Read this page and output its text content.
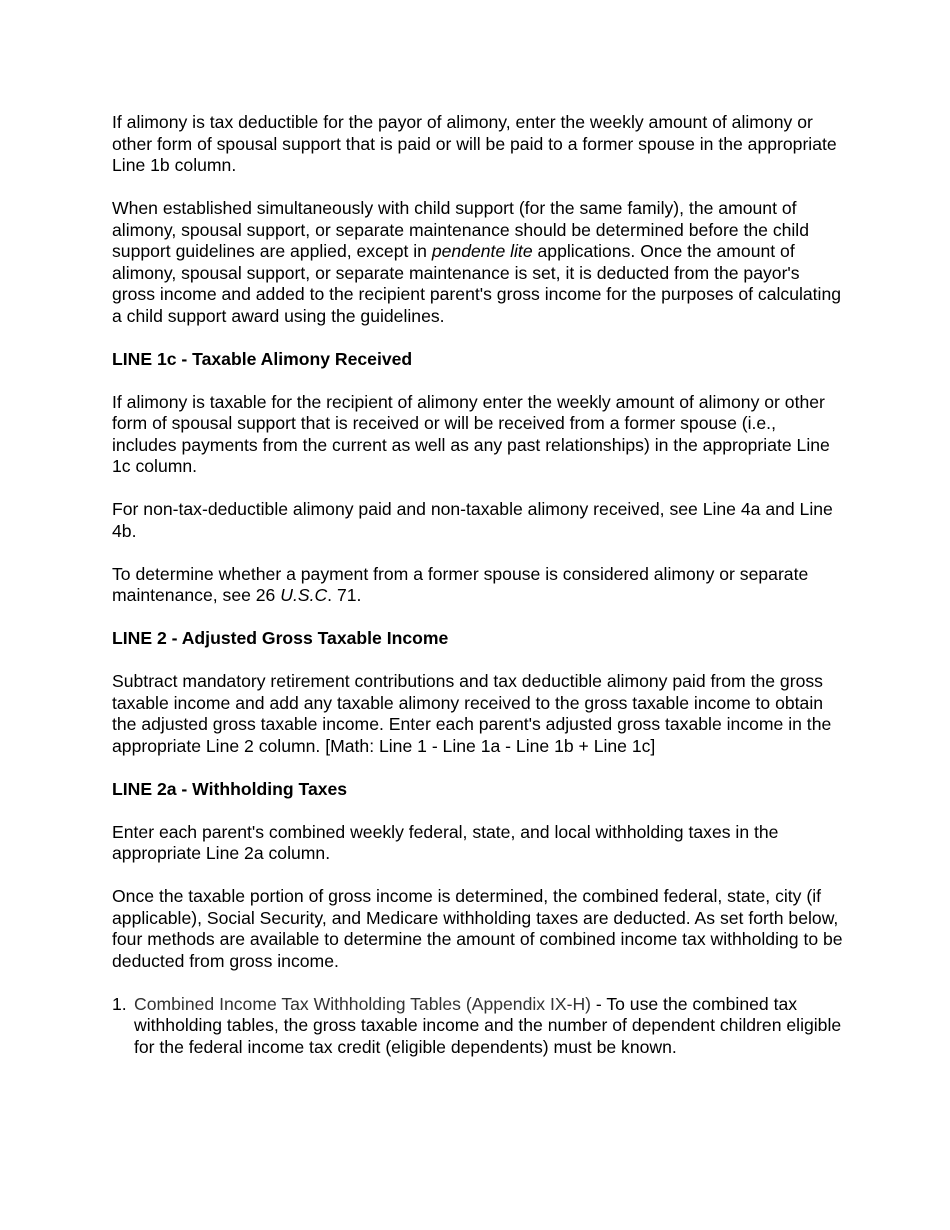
If alimony is tax deductible for the payor of alimony, enter the weekly amount of alimony or other form of spousal support that is paid or will be paid to a former spouse in the appropriate Line 1b column.

When established simultaneously with child support (for the same family), the amount of alimony, spousal support, or separate maintenance should be determined before the child support guidelines are applied, except in pendente lite applications. Once the amount of alimony, spousal support, or separate maintenance is set, it is deducted from the payor's gross income and added to the recipient parent's gross income for the purposes of calculating a child support award using the guidelines.

LINE 1c - Taxable Alimony Received

If alimony is taxable for the recipient of alimony enter the weekly amount of alimony or other form of spousal support that is received or will be received from a former spouse (i.e., includes payments from the current as well as any past relationships) in the appropriate Line 1c column.

For non-tax-deductible alimony paid and non-taxable alimony received, see Line 4a and Line 4b.

To determine whether a payment from a former spouse is considered alimony or separate maintenance, see 26 U.S.C. 71.

LINE 2 - Adjusted Gross Taxable Income

Subtract mandatory retirement contributions and tax deductible alimony paid from the gross taxable income and add any taxable alimony received to the gross taxable income to obtain the adjusted gross taxable income. Enter each parent's adjusted gross taxable income in the appropriate Line 2 column. [Math: Line 1 - Line 1a - Line 1b + Line 1c]

LINE 2a - Withholding Taxes

Enter each parent's combined weekly federal, state, and local withholding taxes in the appropriate Line 2a column.

Once the taxable portion of gross income is determined, the combined federal, state, city (if applicable), Social Security, and Medicare withholding taxes are deducted. As set forth below, four methods are available to determine the amount of combined income tax withholding to be deducted from gross income.

1. Combined Income Tax Withholding Tables (Appendix IX-H) - To use the combined tax withholding tables, the gross taxable income and the number of dependent children eligible for the federal income tax credit (eligible dependents) must be known.
